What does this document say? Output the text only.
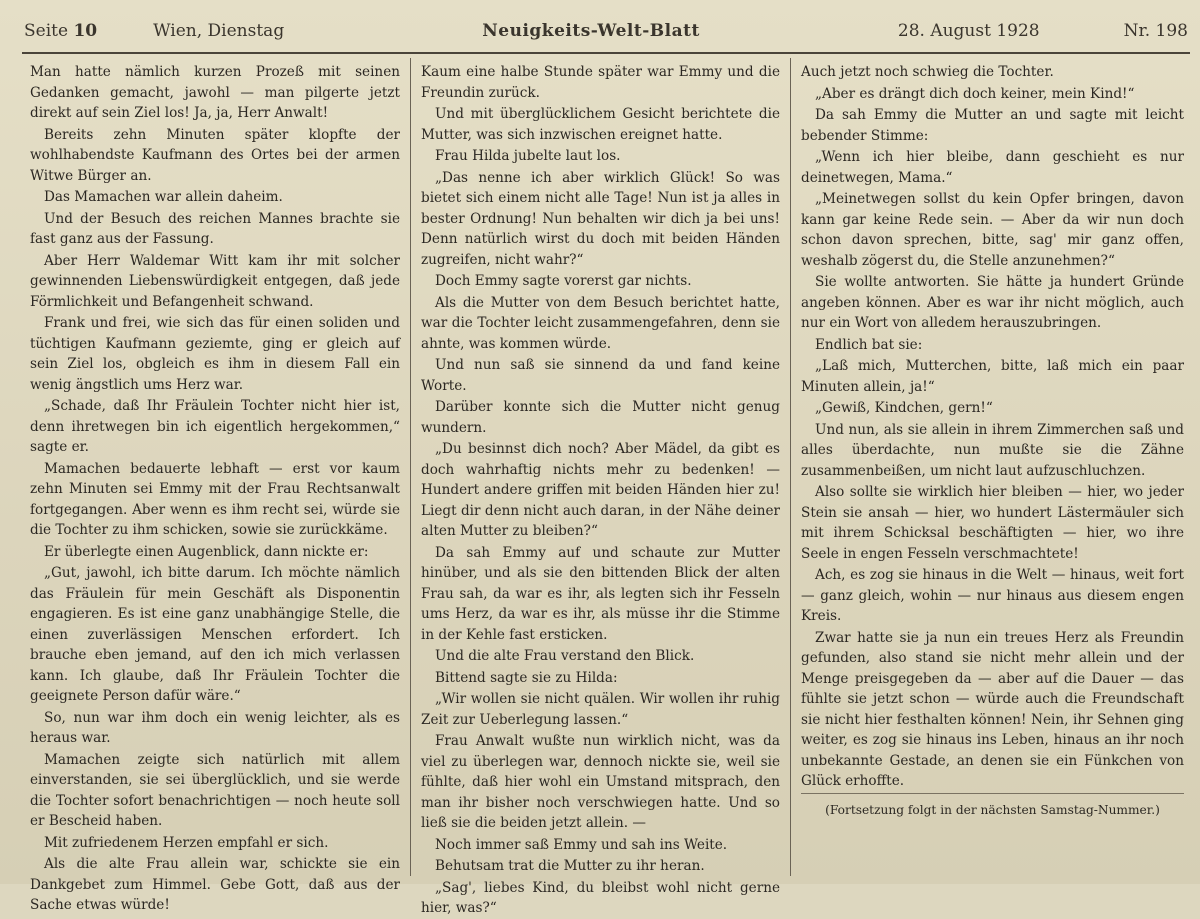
Seite 10	Wien, Dienstag	Neuigkeits-Welt-Blatt	28. August 1928	Nr. 198

Man hatte nämlich kurzen Prozeß mit seinen Gedanken gemacht, jawohl — man pilgerte jetzt direkt auf sein Ziel los! Ja, ja, Herr Anwalt!

Bereits zehn Minuten später klopfte der wohlhabendste Kaufmann des Ortes bei der armen Witwe Bürger an.

Das Mamachen war allein daheim.

Und der Besuch des reichen Mannes brachte sie fast ganz aus der Fassung.

Aber Herr Waldemar Witt kam ihr mit solcher gewinnenden Liebenswürdigkeit entgegen, daß jede Förmlichkeit und Befangenheit schwand.

Frank und frei, wie sich das für einen soliden und tüchtigen Kaufmann geziemte, ging er gleich auf sein Ziel los, obgleich es ihm in diesem Fall ein wenig ängstlich ums Herz war.

„Schade, daß Ihr Fräulein Tochter nicht hier ist, denn ihretwegen bin ich eigentlich hergekommen,“ sagte er.

Mamachen bedauerte lebhaft — erst vor kaum zehn Minuten sei Emmy mit der Frau Rechtsanwalt fortgegangen. Aber wenn es ihm recht sei, würde sie die Tochter zu ihm schicken, sowie sie zurückkäme.

Er überlegte einen Augenblick, dann nickte er:

„Gut, jawohl, ich bitte darum. Ich möchte nämlich das Fräulein für mein Geschäft als Disponentin engagieren. Es ist eine ganz unabhängige Stelle, die einen zuverlässigen Menschen erfordert. Ich brauche eben jemand, auf den ich mich verlassen kann. Ich glaube, daß Ihr Fräulein Tochter die geeignete Person dafür wäre.“

So, nun war ihm doch ein wenig leichter, als es heraus war.

Mamachen zeigte sich natürlich mit allem einverstanden, sie sei überglücklich, und sie werde die Tochter sofort benachrichtigen — noch heute soll er Bescheid haben.

Mit zufriedenem Herzen empfahl er sich.

Als die alte Frau allein war, schickte sie ein Dankgebet zum Himmel. Gebe Gott, daß aus der Sache etwas würde!

Kaum eine halbe Stunde später war Emmy und die Freundin zurück.

Und mit überglücklichem Gesicht berichtete die Mutter, was sich inzwischen ereignet hatte.

Frau Hilda jubelte laut los.

„Das nenne ich aber wirklich Glück! So was bietet sich einem nicht alle Tage! Nun ist ja alles in bester Ordnung! Nun behalten wir dich ja bei uns! Denn natürlich wirst du doch mit beiden Händen zugreifen, nicht wahr?“

Doch Emmy sagte vorerst gar nichts.

Als die Mutter von dem Besuch berichtet hatte, war die Tochter leicht zusammengefahren, denn sie ahnte, was kommen würde.

Und nun saß sie sinnend da und fand keine Worte.

Darüber konnte sich die Mutter nicht genug wundern.

„Du besinnst dich noch? Aber Mädel, da gibt es doch wahrhaftig nichts mehr zu bedenken! — Hundert andere griffen mit beiden Händen hier zu! Liegt dir denn nicht auch daran, in der Nähe deiner alten Mutter zu bleiben?“

Da sah Emmy auf und schaute zur Mutter hinüber, und als sie den bittenden Blick der alten Frau sah, da war es ihr, als legten sich ihr Fesseln ums Herz, da war es ihr, als müsse ihr die Stimme in der Kehle fast ersticken.

Und die alte Frau verstand den Blick.

Bittend sagte sie zu Hilda:

„Wir wollen sie nicht quälen. Wir wollen ihr ruhig Zeit zur Ueberlegung lassen.“

Frau Anwalt wußte nun wirklich nicht, was da viel zu überlegen war, dennoch nickte sie, weil sie fühlte, daß hier wohl ein Umstand mitsprach, den man ihr bisher noch verschwiegen hatte. Und so ließ sie die beiden jetzt allein. —

Noch immer saß Emmy und sah ins Weite.

Behutsam trat die Mutter zu ihr heran.

„Sag', liebes Kind, du bleibst wohl nicht gerne hier, was?“

Auch jetzt noch schwieg die Tochter.

„Aber es drängt dich doch keiner, mein Kind!“

Da sah Emmy die Mutter an und sagte mit leicht bebender Stimme:

„Wenn ich hier bleibe, dann geschieht es nur deinetwegen, Mama.“

„Meinetwegen sollst du kein Opfer bringen, davon kann gar keine Rede sein. — Aber da wir nun doch schon davon sprechen, bitte, sag' mir ganz offen, weshalb zögerst du, die Stelle anzunehmen?“

Sie wollte antworten. Sie hätte ja hundert Gründe angeben können. Aber es war ihr nicht möglich, auch nur ein Wort von alledem herauszubringen.

Endlich bat sie:

„Laß mich, Mutterchen, bitte, laß mich ein paar Minuten allein, ja!“

„Gewiß, Kindchen, gern!“

Und nun, als sie allein in ihrem Zimmerchen saß und alles überdachte, nun mußte sie die Zähne zusammenbeißen, um nicht laut aufzuschluchzen.

Also sollte sie wirklich hier bleiben — hier, wo jeder Stein sie ansah — hier, wo hundert Lästermäuler sich mit ihrem Schicksal beschäftigten — hier, wo ihre Seele in engen Fesseln verschmachtete!

Ach, es zog sie hinaus in die Welt — hinaus, weit fort — ganz gleich, wohin — nur hinaus aus diesem engen Kreis.

Zwar hatte sie ja nun ein treues Herz als Freundin gefunden, also stand sie nicht mehr allein und der Menge preisgegeben da — aber auf die Dauer — das fühlte sie jetzt schon — würde auch die Freundschaft sie nicht hier festhalten können! Nein, ihr Sehnen ging weiter, es zog sie hinaus ins Leben, hinaus an ihr noch unbekannte Gestade, an denen sie ein Fünkchen von Glück erhoffte.

(Fortsetzung folgt in der nächsten Samstag-Nummer.)
